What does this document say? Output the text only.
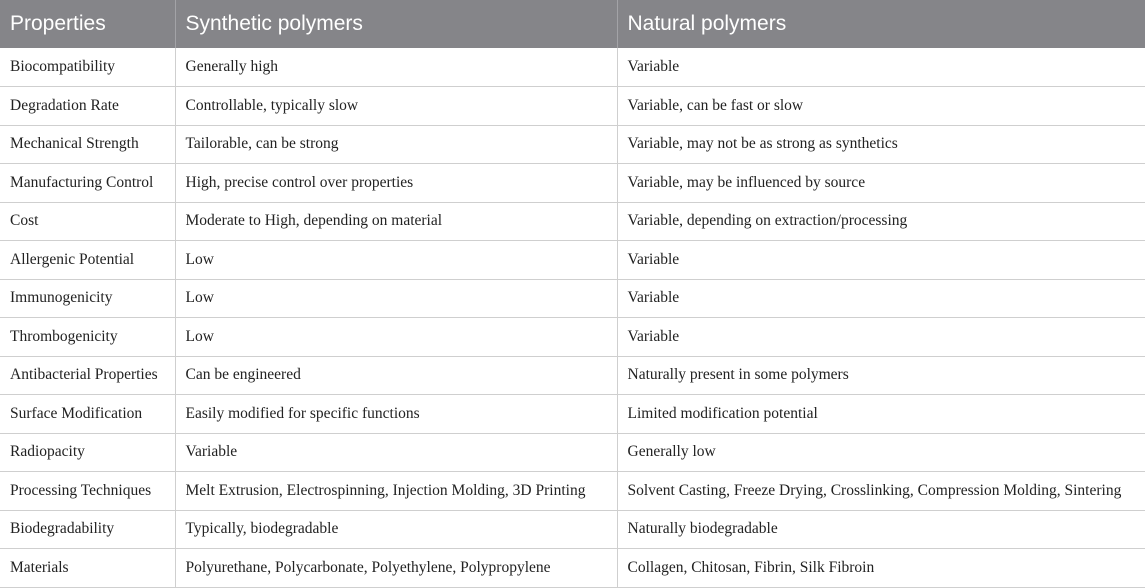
Properties	Synthetic polymers	Natural polymers
Biocompatibility	Generally high	Variable
Degradation Rate	Controllable, typically slow	Variable, can be fast or slow
Mechanical Strength	Tailorable, can be strong	Variable, may not be as strong as synthetics
Manufacturing Control	High, precise control over properties	Variable, may be influenced by source
Cost	Moderate to High, depending on material	Variable, depending on extraction/processing
Allergenic Potential	Low	Variable
Immunogenicity	Low	Variable
Thrombogenicity	Low	Variable
Antibacterial Properties	Can be engineered	Naturally present in some polymers
Surface Modification	Easily modified for specific functions	Limited modification potential
Radiopacity	Variable	Generally low
Processing Techniques	Melt Extrusion, Electrospinning, Injection Molding, 3D Printing	Solvent Casting, Freeze Drying, Crosslinking, Compression Molding, Sintering
Biodegradability	Typically, biodegradable	Naturally biodegradable
Materials	Polyurethane, Polycarbonate, Polyethylene, Polypropylene	Collagen, Chitosan, Fibrin, Silk Fibroin
